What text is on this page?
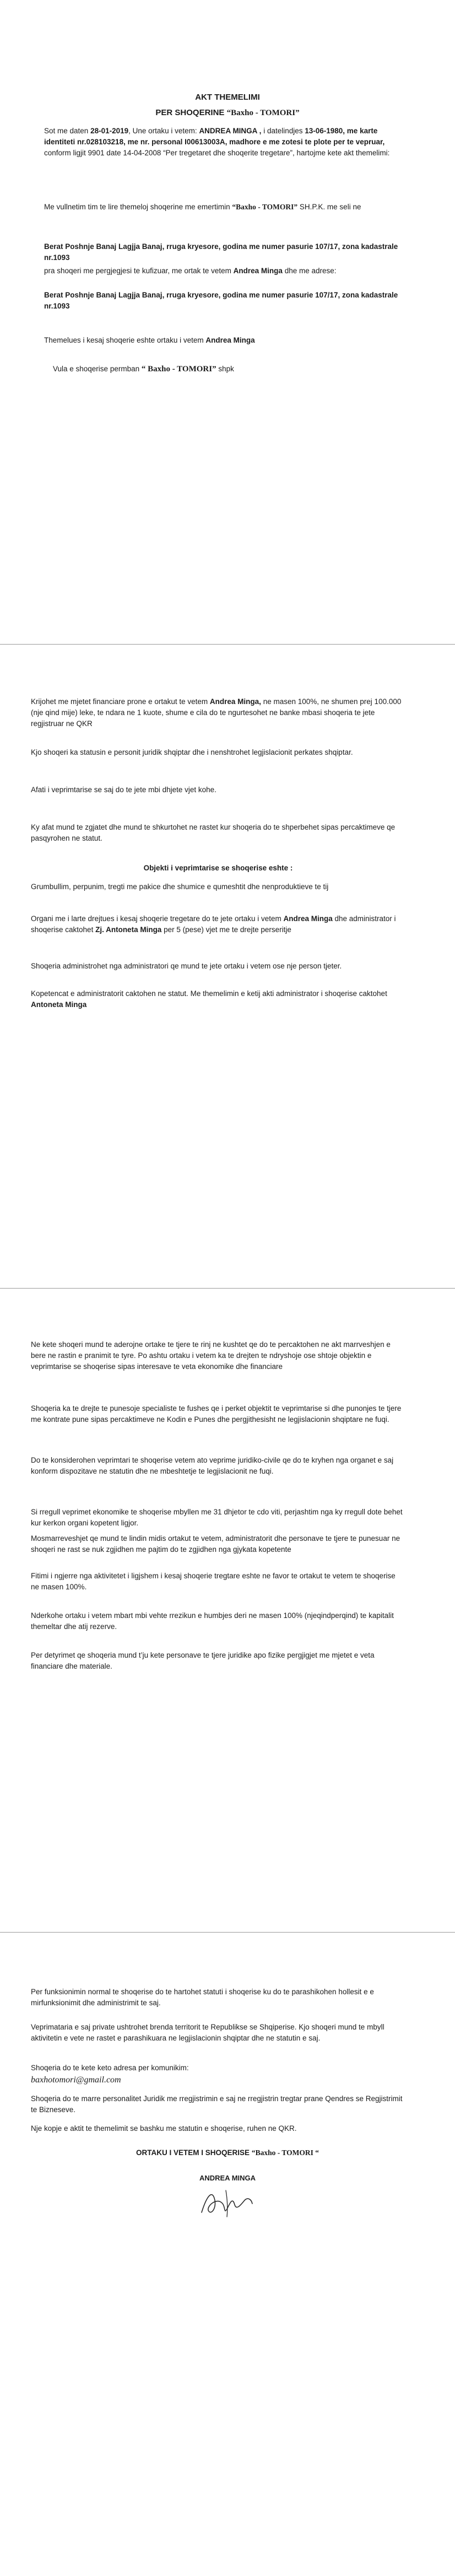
AKT THEMELIMI
PER SHOQERINE “Baxho - TOMORI”

Sot me daten 28-01-2019, Une ortaku i vetem: ANDREA MINGA , i datelindjes 13-06-1980, me karte identiteti nr.028103218, me nr. personal I00613003A, madhore e me zotesi te plote per te vepruar, conform ligjit 9901 date 14-04-2008 “Per tregetaret dhe shoqerite tregetare”, hartojme kete akt themelimi:

Me vullnetim tim te lire themeloj shoqerine me emertimin “Baxho - TOMORI” SH.P.K. me seli ne

Berat Poshnje Banaj Lagjja Banaj, rruga kryesore, godina me numer pasurie 107/17, zona kadastrale nr.1093

pra shoqeri me pergjegjesi te kufizuar, me ortak te vetem Andrea Minga dhe me adrese:

Berat Poshnje Banaj Lagjja Banaj, rruga kryesore, godina me numer pasurie 107/17, zona kadastrale nr.1093

Themelues i kesaj shoqerie eshte ortaku i vetem Andrea Minga

Vula e shoqerise permban “ Baxho - TOMORI” shpk

Krijohet me mjetet financiare prone e ortakut te vetem Andrea Minga, ne masen 100%, ne shumen prej 100.000 (nje qind mije) leke, te ndara ne 1 kuote, shume e cila do te ngurtesohet ne banke mbasi shoqeria te jete regjistruar ne QKR

Kjo shoqeri ka statusin e personit juridik shqiptar dhe i nenshtrohet legjislacionit perkates shqiptar.

Afati i veprimtarise se saj do te jete mbi dhjete vjet kohe.

Ky afat mund te zgjatet dhe mund te shkurtohet ne rastet kur shoqeria do te shperbehet sipas percaktimeve qe pasqyrohen ne statut.

Objekti i veprimtarise se shoqerise eshte :

Grumbullim, perpunim, tregti me pakice dhe shumice e qumeshtit dhe nenproduktieve te tij

Organi me i larte drejtues i kesaj shoqerie tregetare do te jete ortaku i vetem Andrea Minga dhe administrator i shoqerise caktohet Zj. Antoneta Minga per 5 (pese) vjet me te drejte perseritje

Shoqeria administrohet nga administratori qe mund te jete ortaku i vetem ose nje person tjeter.

Kopetencat e administratorit caktohen ne statut. Me themelimin e ketij akti administrator i shoqerise caktohet Antoneta Minga

Ne kete shoqeri mund te aderojne ortake te tjere te rinj ne kushtet qe do te percaktohen ne akt marrveshjen e bere ne rastin e pranimit te tyre. Po ashtu ortaku i vetem ka te drejten te ndryshoje ose shtoje objektin e veprimtarise se shoqerise sipas interesave te veta ekonomike dhe financiare

Shoqeria ka te drejte te punesoje specialiste te fushes qe i perket objektit te veprimtarise si dhe punonjes te tjere me kontrate pune sipas percaktimeve ne Kodin e Punes dhe pergjithesisht ne legjislacionin shqiptare ne fuqi.

Do te konsiderohen veprimtari te shoqerise vetem ato veprime juridiko-civile qe do te kryhen nga organet e saj konform dispozitave ne statutin dhe ne mbeshtetje te legjislacionit ne fuqi.

Si rregull veprimet ekonomike te shoqerise mbyllen me 31 dhjetor te cdo viti, perjashtim nga ky rregull dote behet kur kerkon organi kopetent ligjor.

Mosmarreveshjet qe mund te lindin midis ortakut te vetem, administratorit dhe personave te tjere te punesuar ne shoqeri ne rast se nuk zgjidhen me pajtim do te zgjidhen nga gjykata kopetente

Fitimi i ngjerre nga aktivitetet i ligjshem i kesaj shoqerie tregtare eshte ne favor te ortakut te vetem te shoqerise ne masen 100%.

Nderkohe ortaku i vetem mbart mbi vehte rrezikun e humbjes deri ne masen 100% (njeqindperqind) te kapitalit themeltar dhe atij rezerve.

Per detyrimet qe shoqeria mund t’ju kete personave te tjere juridike apo fizike pergjigjet me mjetet e veta financiare dhe materiale.

Per funksionimin normal te shoqerise do te hartohet statuti i shoqerise ku do te parashikohen hollesit e e mirfunksionimit dhe administrimit te saj.

Veprimataria e saj private ushtrohet brenda territorit te Republikse se Shqiperise. Kjo shoqeri mund te mbyll aktivitetin e vete ne rastet e parashikuara ne legjislacionin shqiptar dhe ne statutin e saj.

Shoqeria do te kete keto adresa per komunikim:

baxhotomori@gmail.com

Shoqeria do te marre personalitet Juridik me rregjistrimin e saj ne rregjistrin tregtar prane Qendres se Regjistrimit te Bizneseve.

Nje kopje e aktit te themelimit se bashku me statutin e shoqerise, ruhen ne QKR.

ORTAKU I VETEM I SHOQERISE “Baxho - TOMORI “
ANDREA MINGA
